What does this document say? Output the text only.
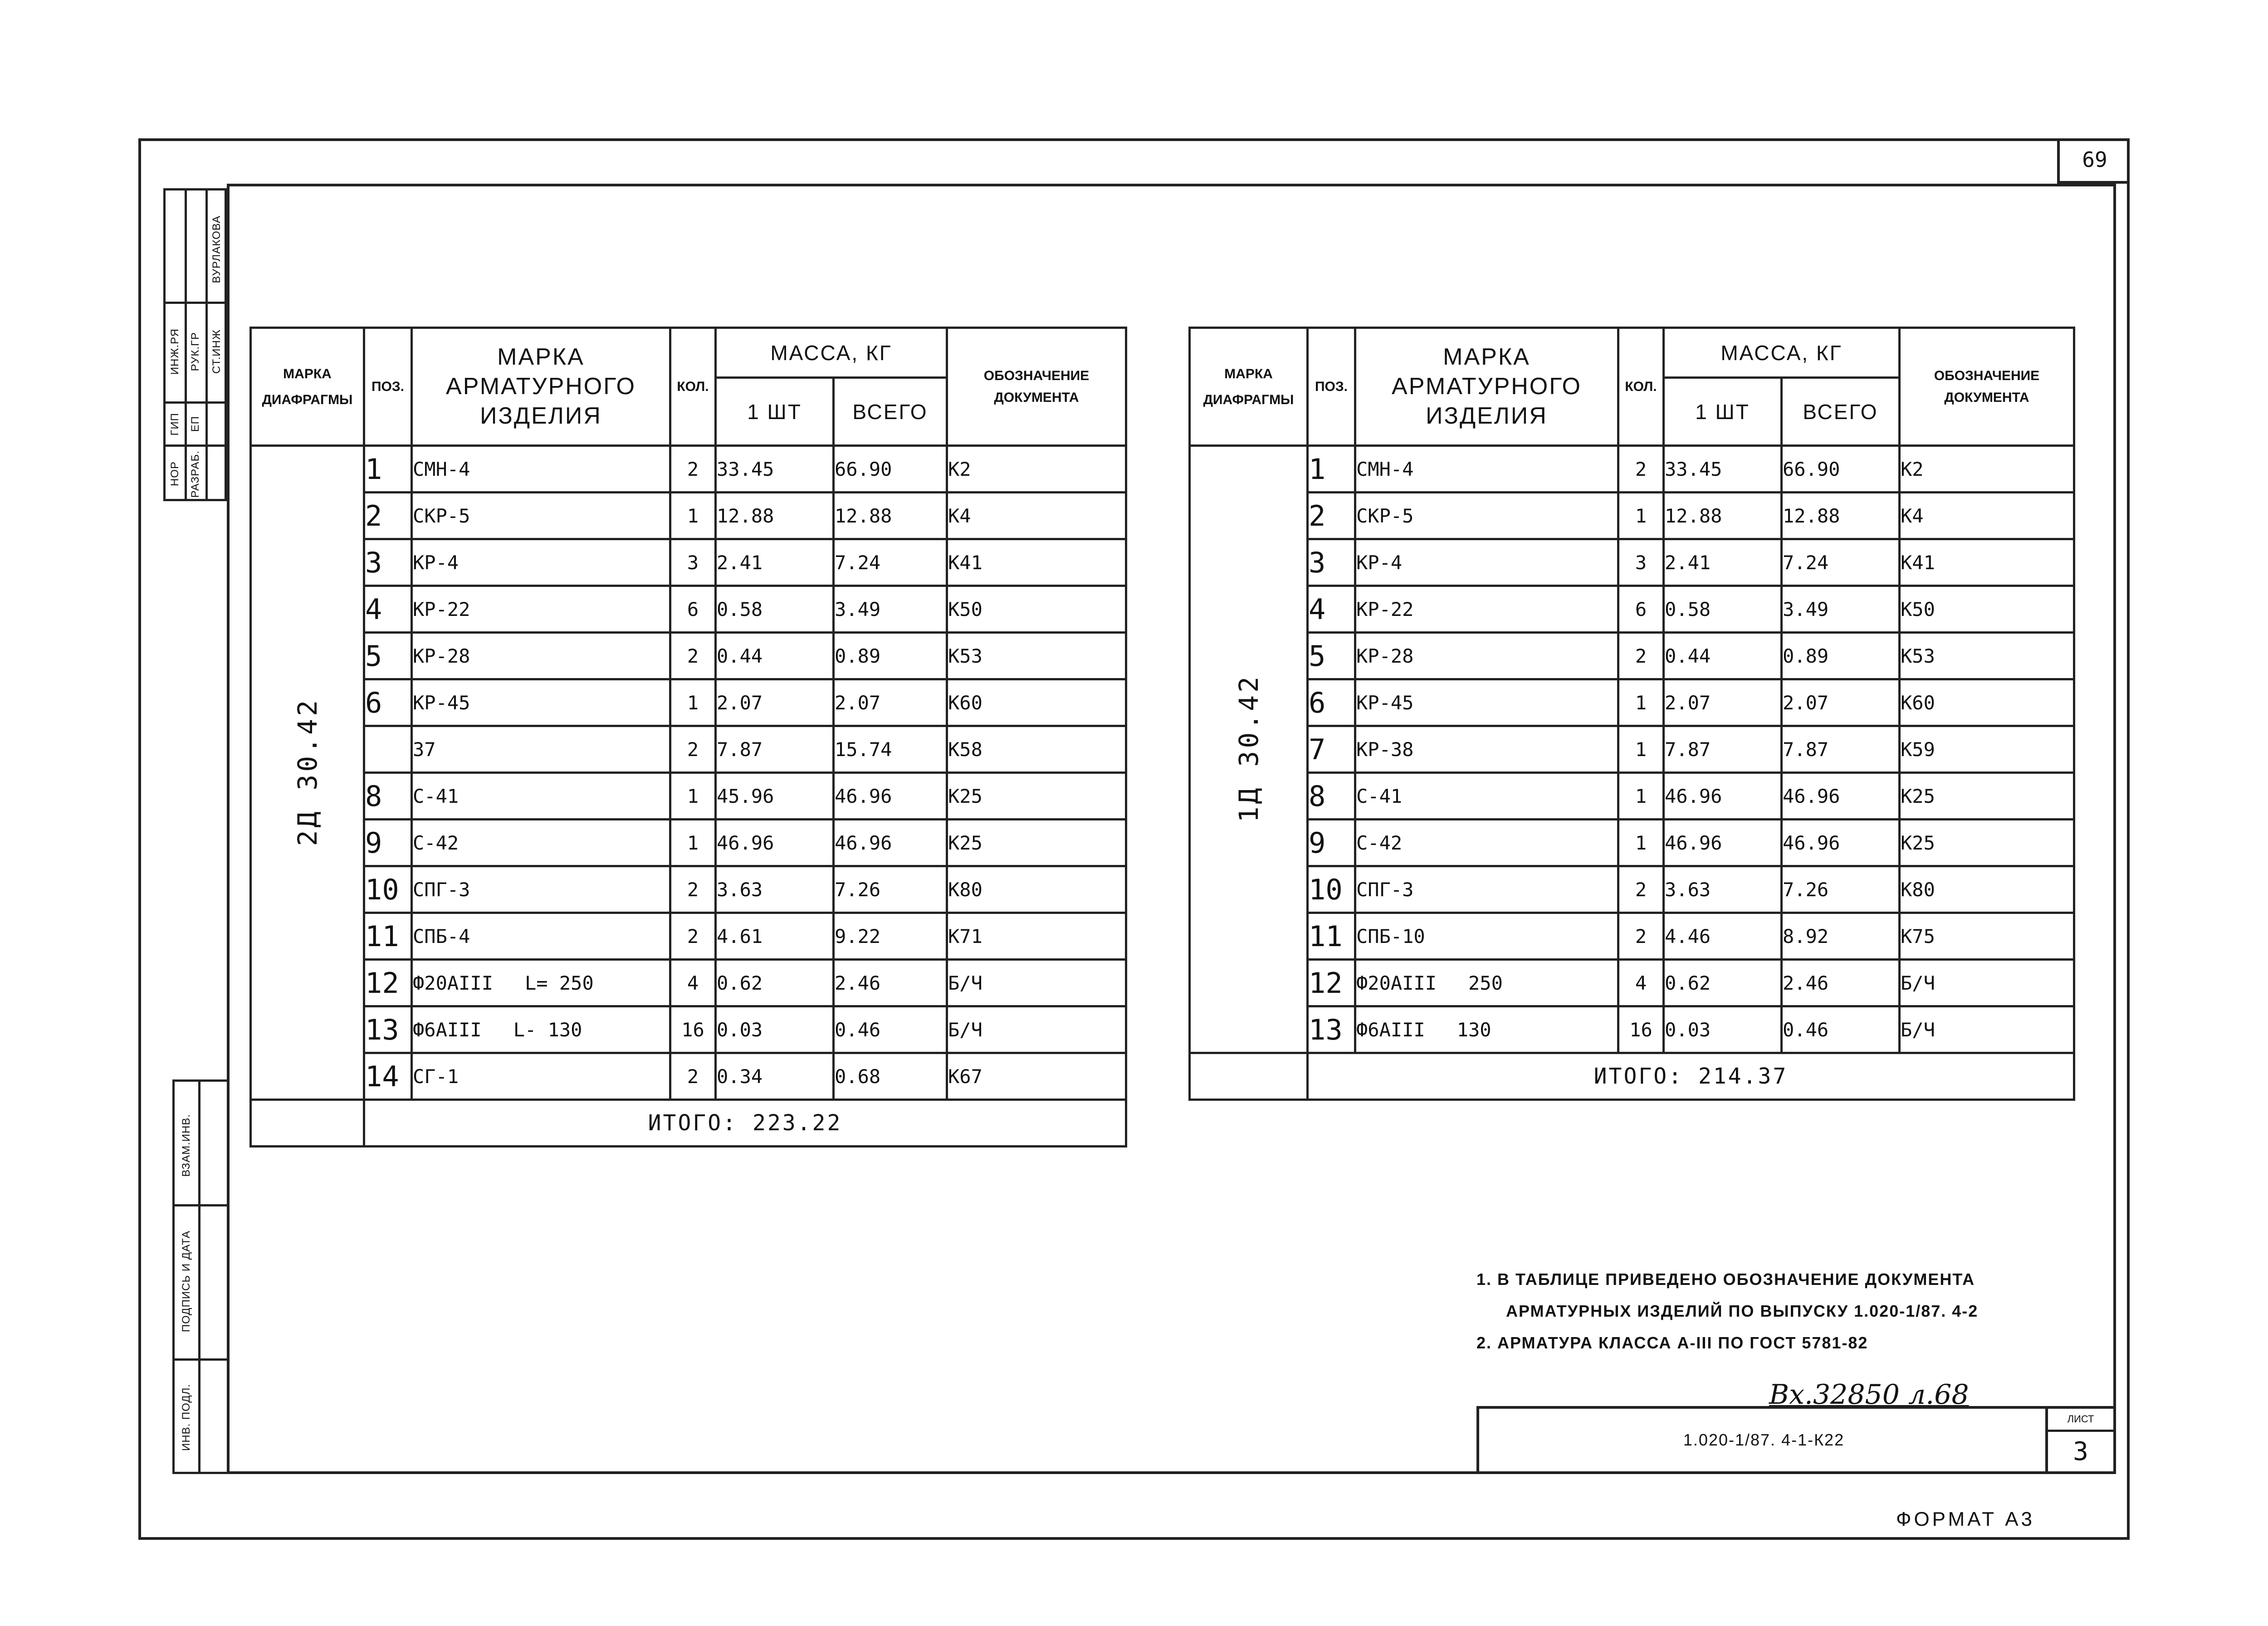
69
ИНЖ.РЯ РУК.ГР
ВУРЛАКОВА
СТ.ИНЖ
ГИП ЕП
НОР РАЗРАБ.
ВЗАМ.ИНВ.
ПОДПИСЬ И ДАТА
ИНВ. ПОДЛ.
МАРКА ДИАФРАГМЫ	ПОЗ.	МАРКА АРМАТУРНОГО ИЗДЕЛИЯ	КОЛ.	МАССА, КГ		ОБОЗНАЧЕНИЕ ДОКУМЕНТА
				1 ШТ	ВСЕГО	
2Д 30.42	1	СМН-4	2	33.45	66.90	К2
	2	СКР-5	1	12.88	12.88	К4
	3	КР-4	3	2.41	7.24	К41
	4	КР-22	6	0.58	3.49	К50
	5	КР-28	2	0.44	0.89	К53
	6	КР-45	1	2.07	2.07	К60
		37	2	7.87	15.74	К58
	8	С-41	1	45.96	46.96	К25
	9	С-42	1	46.96	46.96	К25
	10	СПГ-3	2	3.63	7.26	К80
	11	СПБ-4	2	4.61	9.22	К71
	12	Ф20АIII L= 250	4	0.62	2.46	Б/Ч
	13	Ф6АIII L- 130	16	0.03	0.46	Б/Ч
	14	СГ-1	2	0.34	0.68	К67
	ИТОГО: 223.22					
МАРКА ДИАФРАГМЫ	ПОЗ.	МАРКА АРМАТУРНОГО ИЗДЕЛИЯ	КОЛ.	МАССА, КГ		ОБОЗНАЧЕНИЕ ДОКУМЕНТА
				1 ШТ	ВСЕГО	
1Д 30.42	1	СМН-4	2	33.45	66.90	К2
	2	СКР-5	1	12.88	12.88	К4
	3	КР-4	3	2.41	7.24	К41
	4	КР-22	6	0.58	3.49	К50
	5	КР-28	2	0.44	0.89	К53
	6	КР-45	1	2.07	2.07	К60
	7	КР-38	1	7.87	7.87	К59
	8	С-41	1	46.96	46.96	К25
	9	С-42	1	46.96	46.96	К25
	10	СПГ-3	2	3.63	7.26	К80
	11	СПБ-10	2	4.46	8.92	К75
	12	Ф20АIII 250	4	0.62	2.46	Б/Ч
	13	Ф6АIII 130	16	0.03	0.46	Б/Ч
	ИТОГО: 214.37					
1. В ТАБЛИЦЕ ПРИВЕДЕНО ОБОЗНАЧЕНИЕ ДОКУМЕНТА
АРМАТУРНЫХ ИЗДЕЛИЙ ПО ВЫПУСКУ 1.020-1/87. 4-2
2. АРМАТУРА КЛАССА А-III ПО ГОСТ 5781-82
Вх.32850 л.68
1.020-1/87. 4-1-К22
ЛИСТ
3
ФОРМАТ А3
